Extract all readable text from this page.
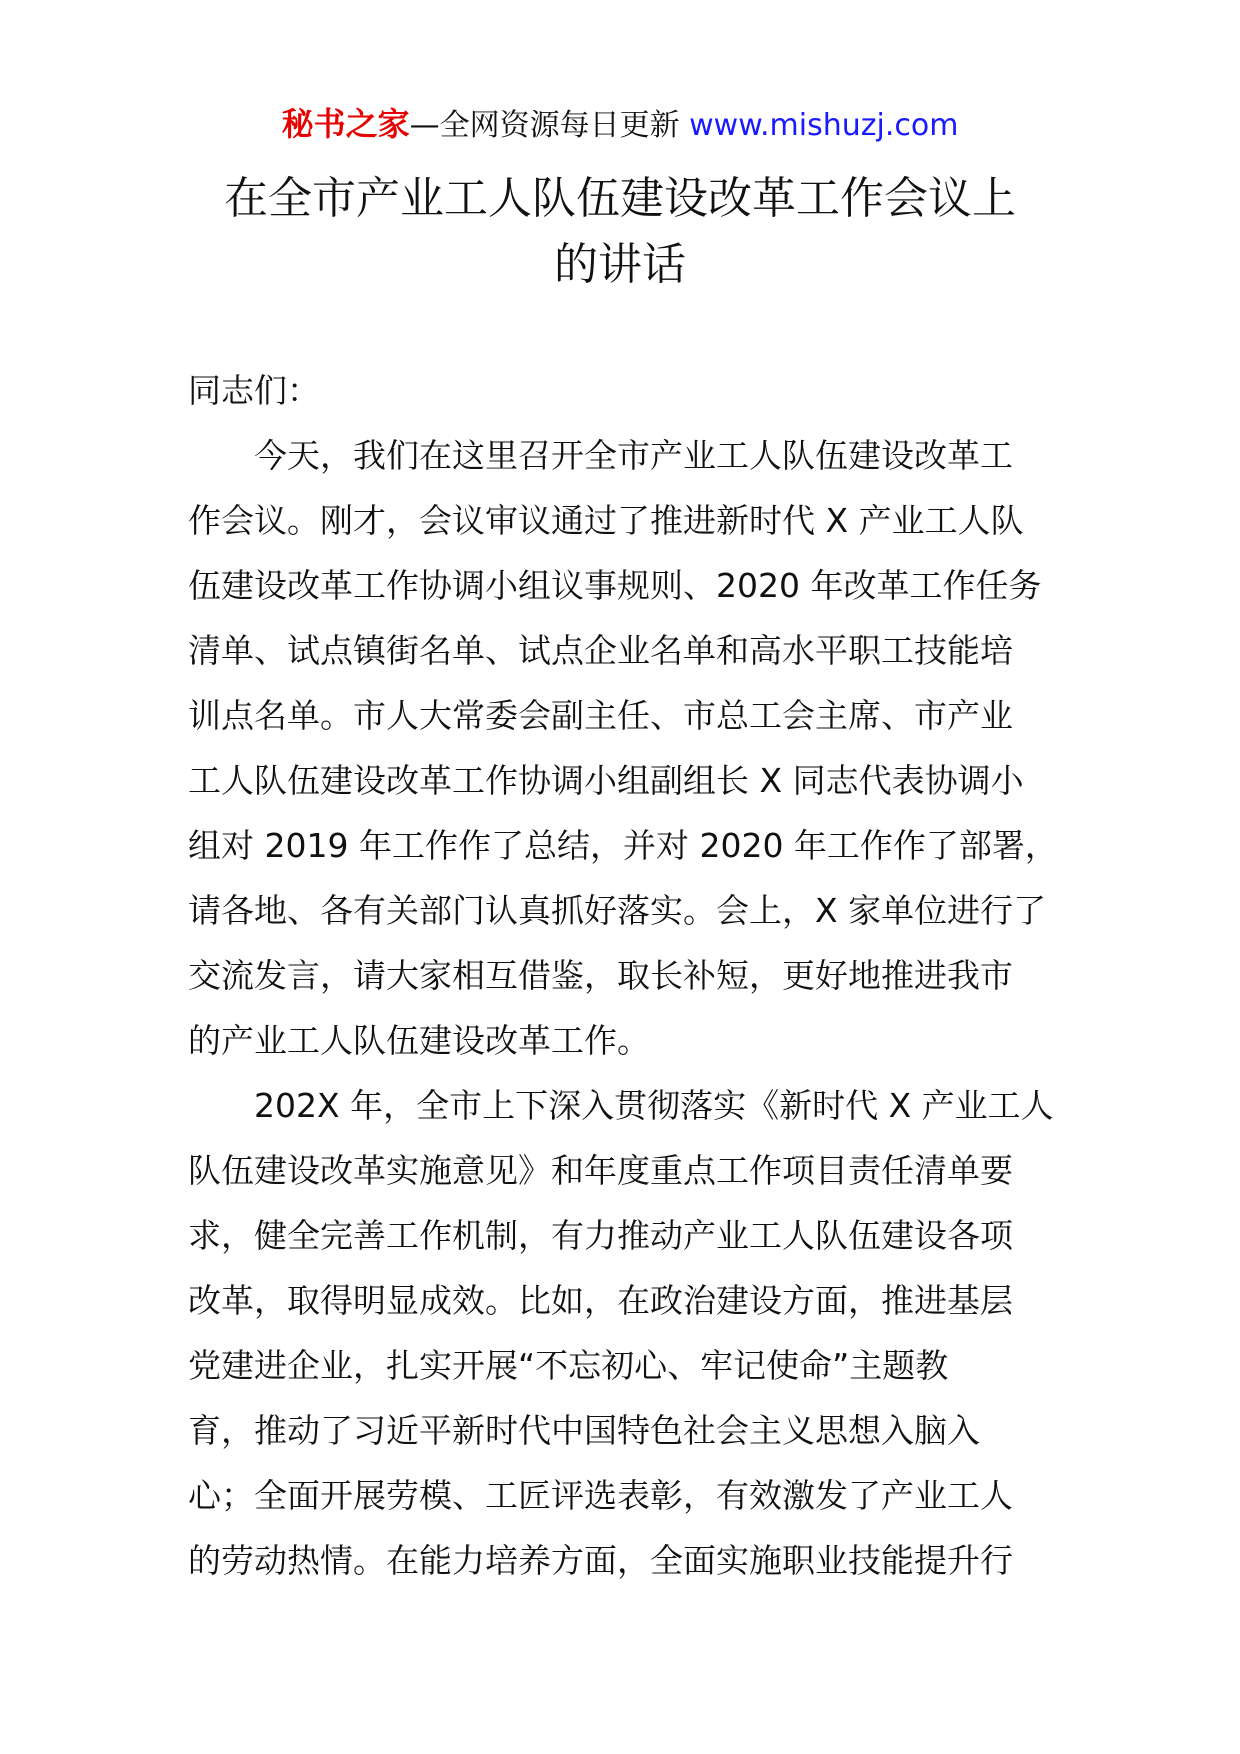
秘书之家—全网资源每日更新 www.mishuzj.com
在全市产业工人队伍建设改革工作会议上
的讲话
同志们：
今天，我们在这里召开全市产业工人队伍建设改革工
作会议。刚才，会议审议通过了推进新时代 X 产业工人队
伍建设改革工作协调小组议事规则、2020 年改革工作任务
清单、试点镇街名单、试点企业名单和高水平职工技能培
训点名单。市人大常委会副主任、市总工会主席、市产业
工人队伍建设改革工作协调小组副组长 X 同志代表协调小
组对 2019 年工作作了总结，并对 2020 年工作作了部署，
请各地、各有关部门认真抓好落实。会上，X 家单位进行了
交流发言，请大家相互借鉴，取长补短，更好地推进我市
的产业工人队伍建设改革工作。
202X 年，全市上下深入贯彻落实《新时代 X 产业工人
队伍建设改革实施意见》和年度重点工作项目责任清单要
求，健全完善工作机制，有力推动产业工人队伍建设各项
改革，取得明显成效。比如，在政治建设方面，推进基层
党建进企业，扎实开展“不忘初心、牢记使命”主题教
育，推动了习近平新时代中国特色社会主义思想入脑入
心；全面开展劳模、工匠评选表彰，有效激发了产业工人
的劳动热情。在能力培养方面，全面实施职业技能提升行
